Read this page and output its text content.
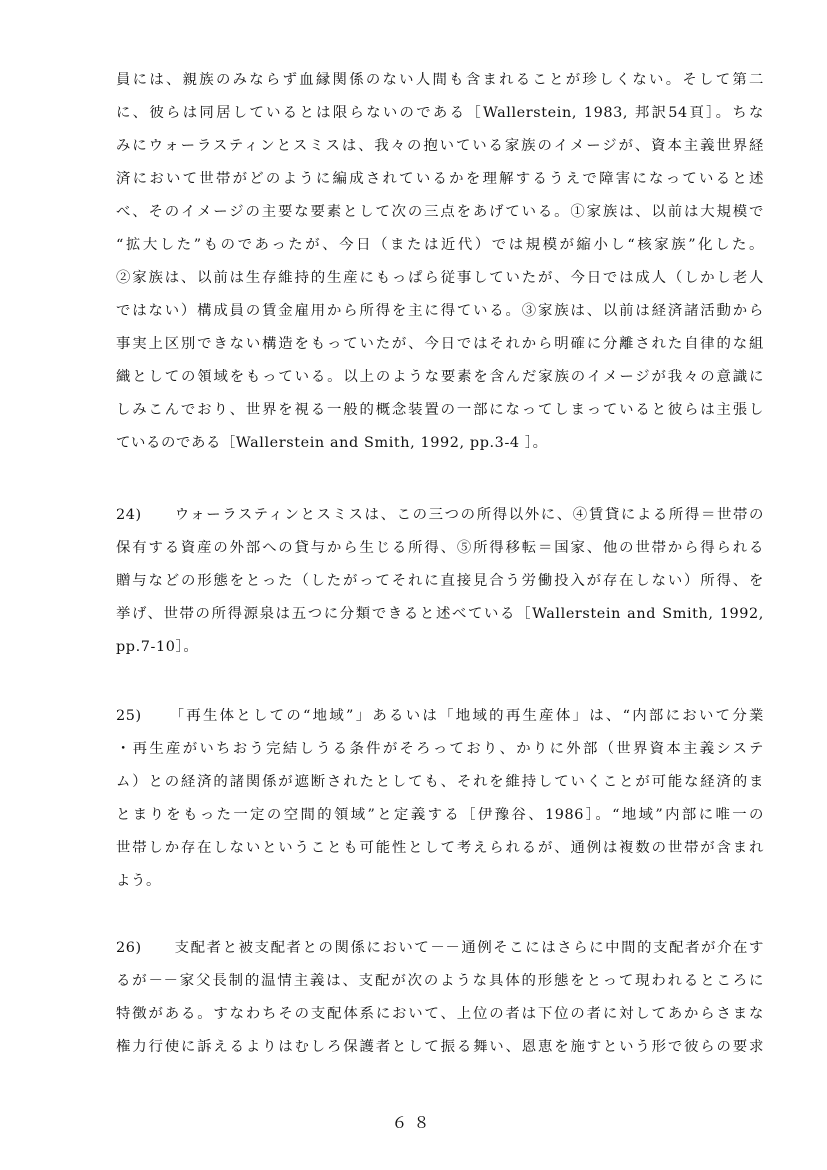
員には、親族のみならず血縁関係のない人間も含まれることが珍しくない。そして第二
に、彼らは同居しているとは限らないのである［Wallerstein, 1983, 邦訳54頁］。ちな
みにウォーラスティンとスミスは、我々の抱いている家族のイメージが、資本主義世界経
済において世帯がどのように編成されているかを理解するうえで障害になっていると述
べ、そのイメージの主要な要素として次の三点をあげている。①家族は、以前は大規模で
“拡大した”ものであったが、今日（または近代）では規模が縮小し“核家族”化した。
②家族は、以前は生存維持的生産にもっぱら従事していたが、今日では成人（しかし老人
ではない）構成員の賃金雇用から所得を主に得ている。③家族は、以前は経済諸活動から
事実上区別できない構造をもっていたが、今日ではそれから明確に分離された自律的な組
織としての領域をもっている。以上のような要素を含んだ家族のイメージが我々の意識に
しみこんでおり、世界を視る一般的概念装置の一部になってしまっていると彼らは主張し
ているのである［Wallerstein and Smith, 1992, pp.3-4 ］。
24)　　ウォーラスティンとスミスは、この三つの所得以外に、④賃貸による所得＝世帯の
保有する資産の外部への貸与から生じる所得、⑤所得移転＝国家、他の世帯から得られる
贈与などの形態をとった（したがってそれに直接見合う労働投入が存在しない）所得、を
挙げ、世帯の所得源泉は五つに分類できると述べている［Wallerstein and Smith, 1992,
pp.7-10］。
25)　　「再生体としての“地域”」あるいは「地域的再生産体」は、“内部において分業
・再生産がいちおう完結しうる条件がそろっており、かりに外部（世界資本主義システ
ム）との経済的諸関係が遮断されたとしても、それを維持していくことが可能な経済的ま
とまりをもった一定の空間的領域”と定義する［伊豫谷、1986］。“地域”内部に唯一の
世帯しか存在しないということも可能性として考えられるが、通例は複数の世帯が含まれ
よう。
26)　　支配者と被支配者との関係において－－通例そこにはさらに中間的支配者が介在す
るが－－家父長制的温情主義は、支配が次のような具体的形態をとって現われるところに
特徴がある。すなわちその支配体系において、上位の者は下位の者に対してあからさまな
権力行使に訴えるよりはむしろ保護者として振る舞い、恩恵を施すという形で彼らの要求
６８
